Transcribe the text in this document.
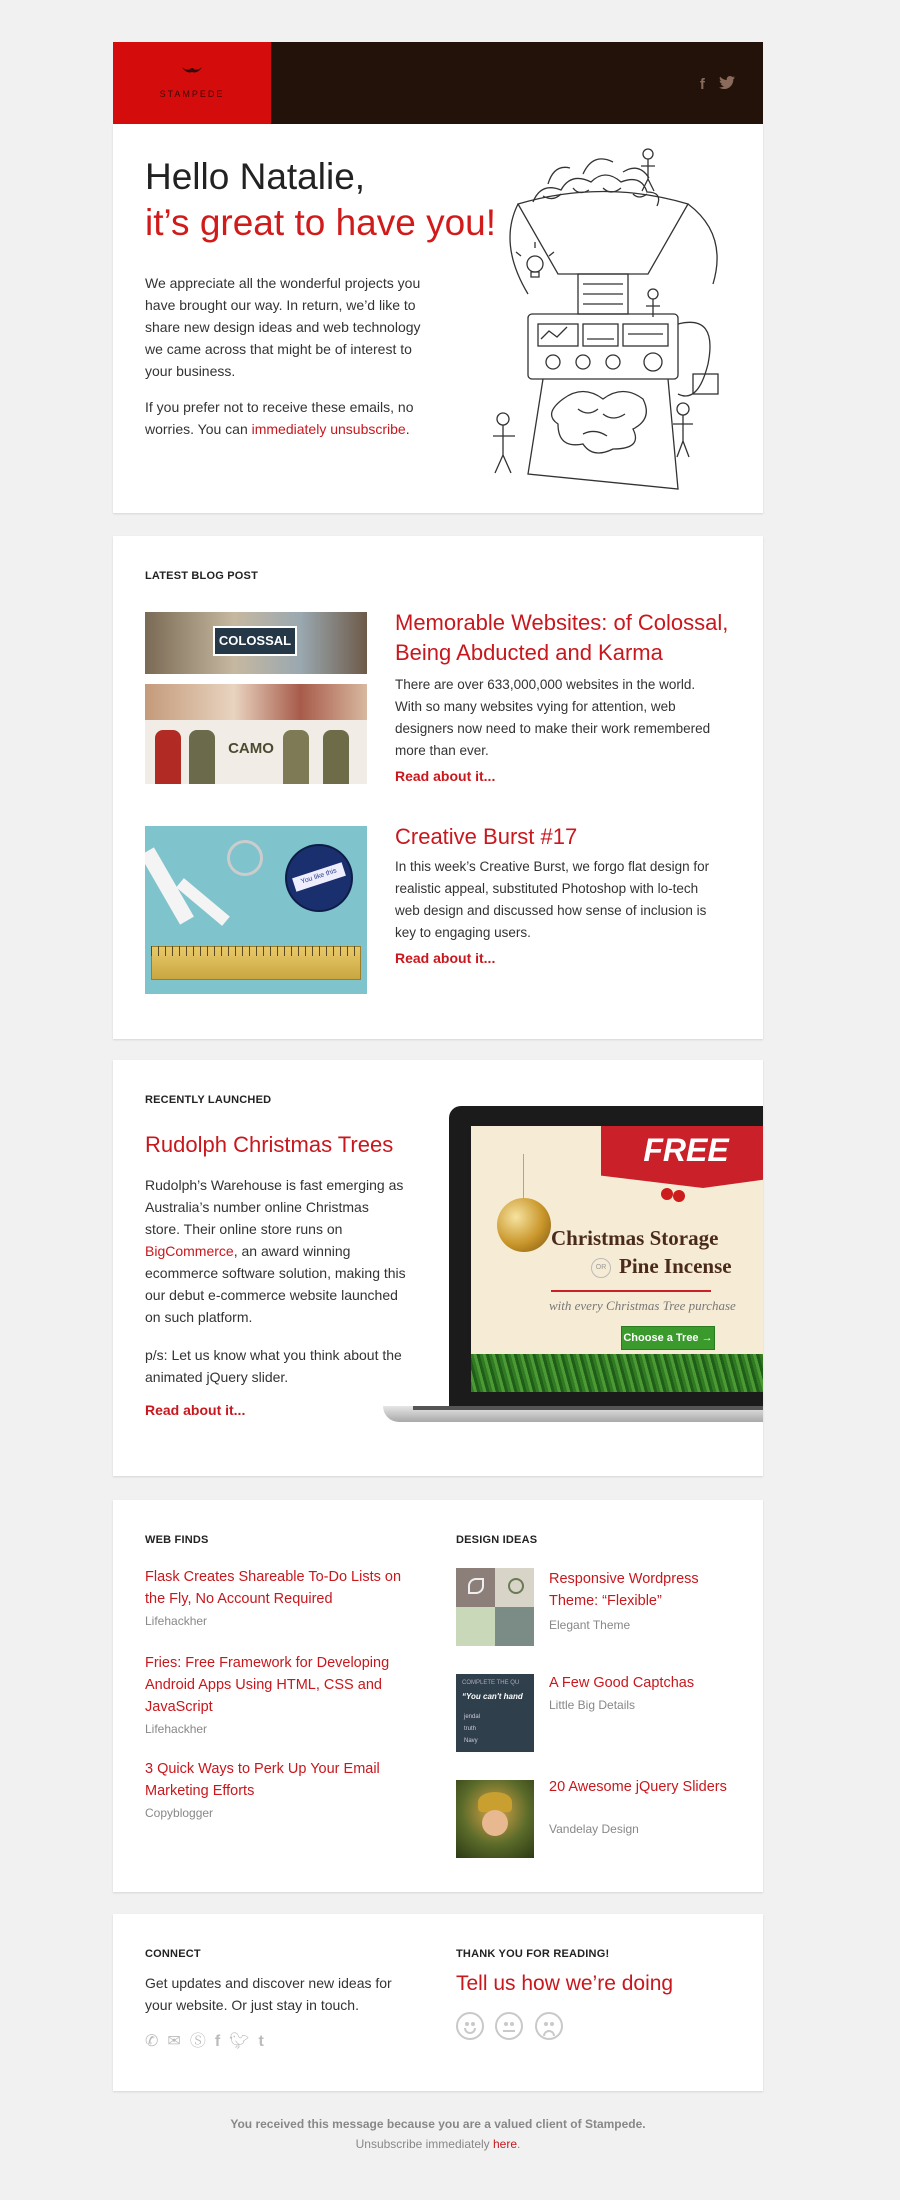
STAMPEDE
f
Hello Natalie,
it’s great to have you!

We appreciate all the wonderful projects you have brought our way. In return, we’d like to share new design ideas and web technology we came across that might be of interest to your business.

If you prefer not to receive these emails, no worries. You can immediately unsubscribe.

LATEST BLOG POST
COLOSSAL
CAMO
Memorable Websites: of Colossal, Being Abducted and Karma
There are over 633,000,000 websites in the world. With so many websites vying for attention, web designers now need to make their work remembered more than ever.
Read about it...
You like this
Creative Burst #17
In this week’s Creative Burst, we forgo flat design for realistic appeal, substituted Photoshop with lo-tech web design and discussed how sense of inclusion is key to engaging users.
Read about it...
RECENTLY LAUNCHED
Rudolph Christmas Trees

Rudolph’s Warehouse is fast emerging as Australia’s number online Christmas store. Their online store runs on BigCommerce, an award winning ecommerce software solution, making this our debut e-commerce website launched on such platform.

p/s: Let us know what you think about the animated jQuery slider.

Read about it...
FREE
Christmas Storage
OR Pine Incense
with every Christmas Tree purchase
Choose a Tree →
WEB FINDS
Flask Creates Shareable To-Do Lists on the Fly, No Account Required
Lifehackher
Fries: Free Framework for Developing Android Apps Using HTML, CSS and JavaScript
Lifehackher
3 Quick Ways to Perk Up Your Email Marketing Efforts
Copyblogger
DESIGN IDEAS
Responsive Wordpress Theme: “Flexible”
Elegant Theme
COMPLETE THE QU
“You can't hand
jendal
truth
Navy
A Few Good Captchas
Little Big Details
20 Awesome jQuery Sliders
Vandelay Design
CONNECT

Get updates and discover new ideas for your website. Or just stay in touch.

✆✉Ⓢf🐦︎t
THANK YOU FOR READING!
Tell us how we’re doing

You received this message because you are a valued client of Stampede.
Unsubscribe immediately here.
